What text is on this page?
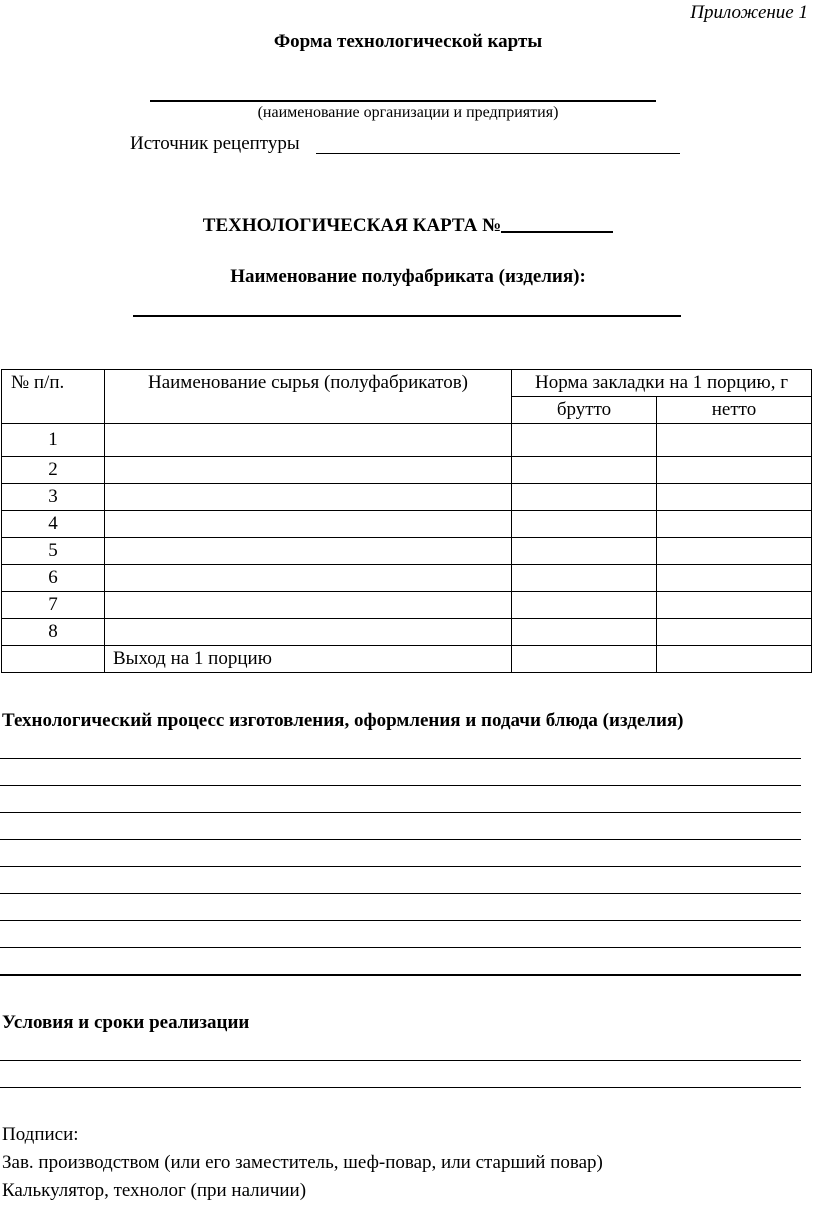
Приложение 1
Форма технологической карты
(наименование организации и предприятия)
Источник рецептуры
ТЕХНОЛОГИЧЕСКАЯ КАРТА №
Наименование полуфабриката (изделия):
№ п/п.	Наименование сырья (полуфабрикатов)	Норма закладки на 1 порцию, г	
		брутто	нетто
1			
2			
3			
4			
5			
6			
7			
8			
	Выход на 1 порцию		
Технологический процесс изготовления, оформления и подачи блюда (изделия)
Условия и сроки реализации
Подписи:
Зав. производством (или его заместитель, шеф-повар, или старший повар)
Калькулятор, технолог (при наличии)
